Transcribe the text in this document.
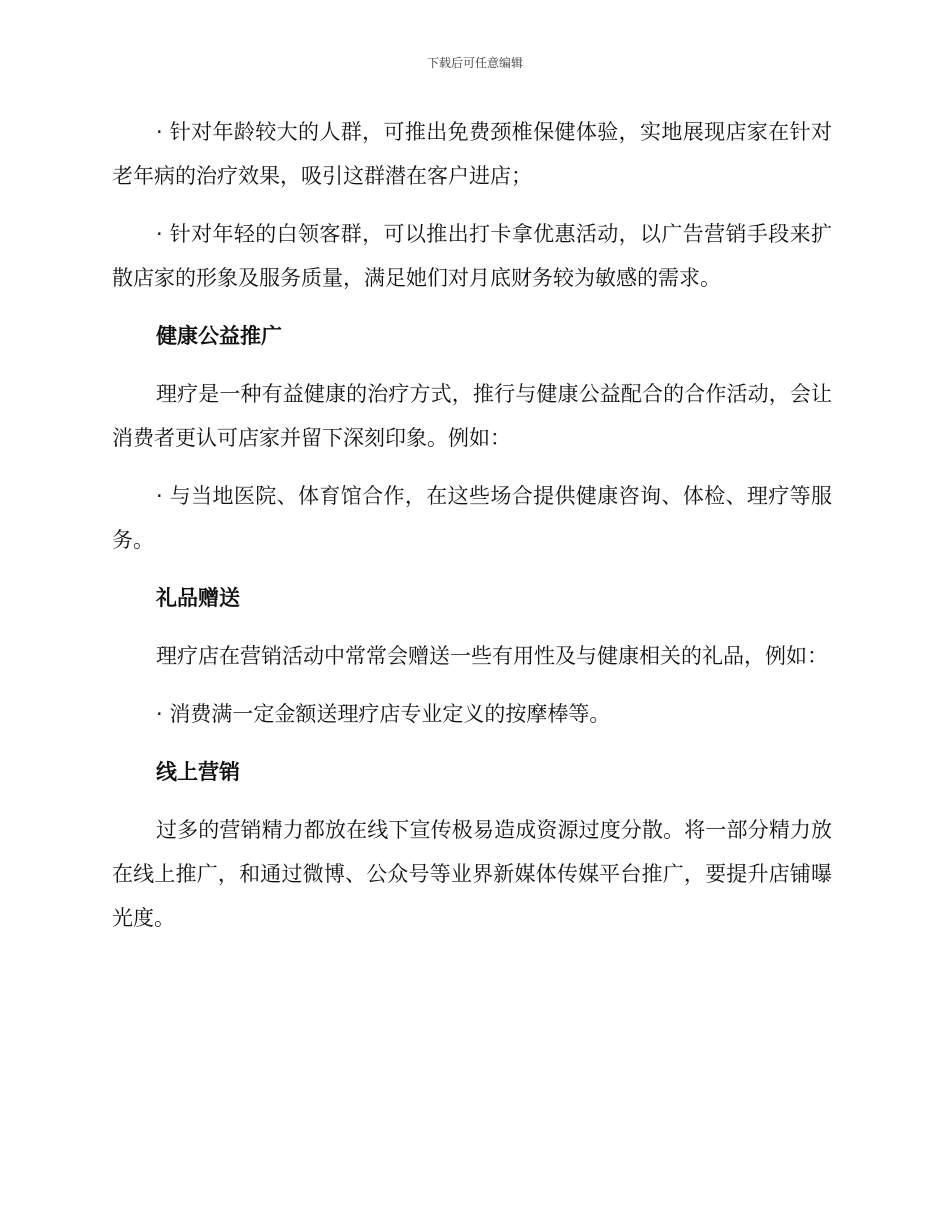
下载后可任意编辑

· 针对年龄较大的人群，可推出免费颈椎保健体验，实地展现店家在针对老年病的治疗效果，吸引这群潜在客户进店；

· 针对年轻的白领客群，可以推出打卡拿优惠活动，以广告营销手段来扩散店家的形象及服务质量，满足她们对月底财务较为敏感的需求。

健康公益推广

理疗是一种有益健康的治疗方式，推行与健康公益配合的合作活动，会让消费者更认可店家并留下深刻印象。例如：

· 与当地医院、体育馆合作，在这些场合提供健康咨询、体检、理疗等服务。

礼品赠送

理疗店在营销活动中常常会赠送一些有用性及与健康相关的礼品，例如：

· 消费满一定金额送理疗店专业定义的按摩棒等。

线上营销

过多的营销精力都放在线下宣传极易造成资源过度分散。将一部分精力放在线上推广，和通过微博、公众号等业界新媒体传媒平台推广，要提升店铺曝光度。
